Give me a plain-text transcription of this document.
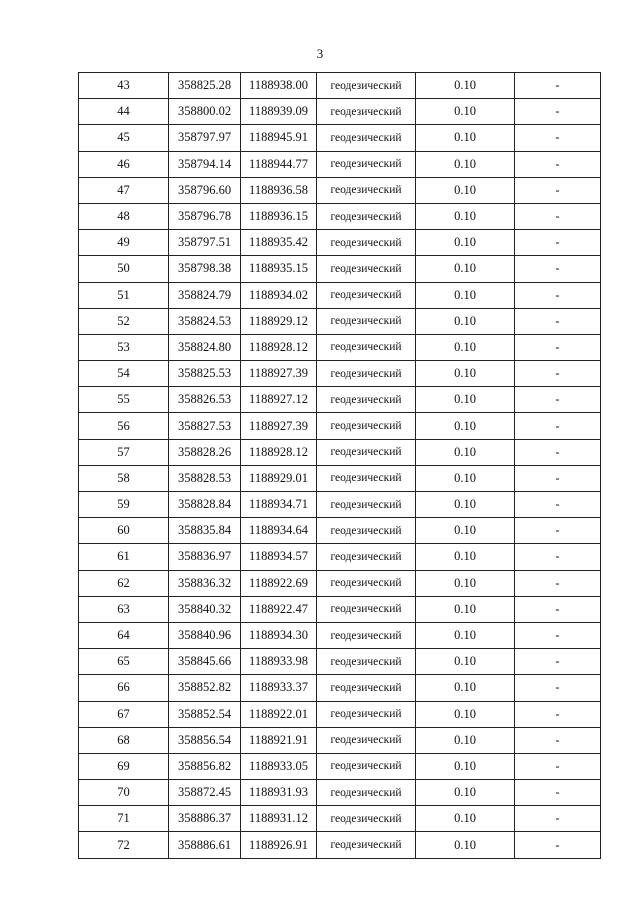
3
43	358825.28	1188938.00	геодезический	0.10	-
44	358800.02	1188939.09	геодезический	0.10	-
45	358797.97	1188945.91	геодезический	0.10	-
46	358794.14	1188944.77	геодезический	0.10	-
47	358796.60	1188936.58	геодезический	0.10	-
48	358796.78	1188936.15	геодезический	0.10	-
49	358797.51	1188935.42	геодезический	0.10	-
50	358798.38	1188935.15	геодезический	0.10	-
51	358824.79	1188934.02	геодезический	0.10	-
52	358824.53	1188929.12	геодезический	0.10	-
53	358824.80	1188928.12	геодезический	0.10	-
54	358825.53	1188927.39	геодезический	0.10	-
55	358826.53	1188927.12	геодезический	0.10	-
56	358827.53	1188927.39	геодезический	0.10	-
57	358828.26	1188928.12	геодезический	0.10	-
58	358828.53	1188929.01	геодезический	0.10	-
59	358828.84	1188934.71	геодезический	0.10	-
60	358835.84	1188934.64	геодезический	0.10	-
61	358836.97	1188934.57	геодезический	0.10	-
62	358836.32	1188922.69	геодезический	0.10	-
63	358840.32	1188922.47	геодезический	0.10	-
64	358840.96	1188934.30	геодезический	0.10	-
65	358845.66	1188933.98	геодезический	0.10	-
66	358852.82	1188933.37	геодезический	0.10	-
67	358852.54	1188922.01	геодезический	0.10	-
68	358856.54	1188921.91	геодезический	0.10	-
69	358856.82	1188933.05	геодезический	0.10	-
70	358872.45	1188931.93	геодезический	0.10	-
71	358886.37	1188931.12	геодезический	0.10	-
72	358886.61	1188926.91	геодезический	0.10	-
